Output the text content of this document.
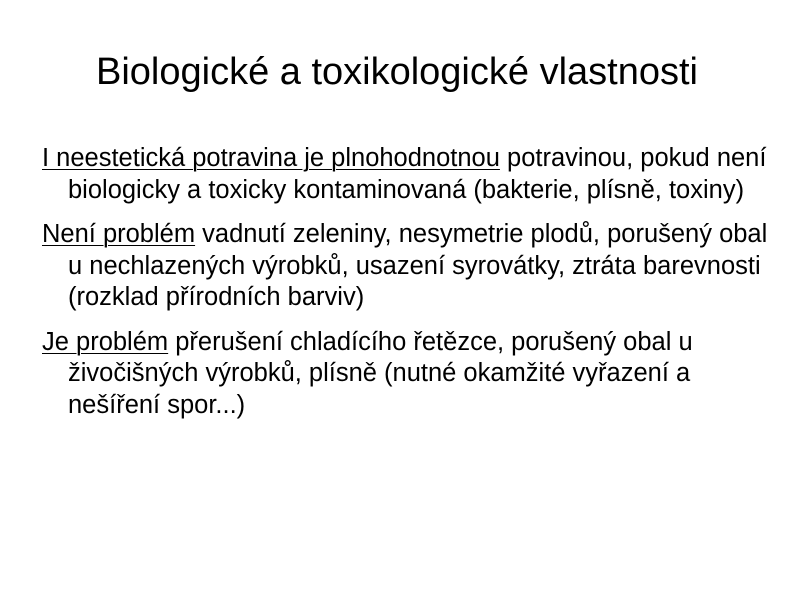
Biologické a toxikologické vlastnosti

I neestetická potravina je plnohodnotnou potravinou, pokud není biologicky a toxicky kontaminovaná (bakterie, plísně, toxiny)

Není problém vadnutí zeleniny, nesymetrie plodů, porušený obal u nechlazených výrobků, usazení syrovátky, ztráta barevnosti (rozklad přírodních barviv)

Je problém přerušení chladícího řetězce, porušený obal u živočišných výrobků, plísně (nutné okamžité vyřazení a nešíření spor...)
